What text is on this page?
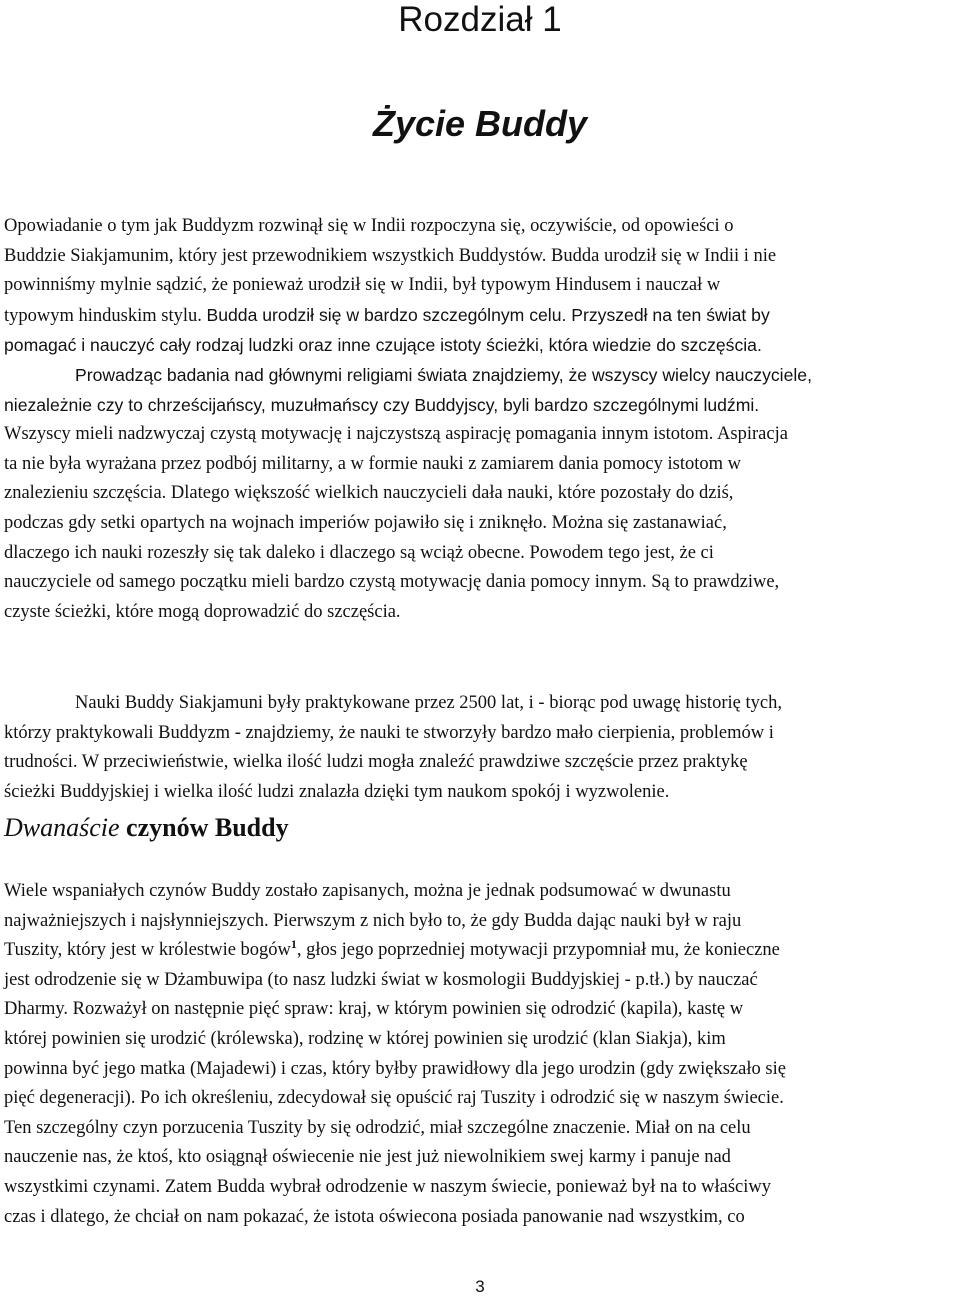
Rozdział 1
Życie Buddy

Opowiadanie o tym jak Buddyzm rozwinął się w Indii rozpoczyna się, oczywiście, od opowieści o
Buddzie Siakjamunim, który jest przewodnikiem wszystkich Buddystów. Budda urodził się w Indii i nie
powinniśmy mylnie sądzić, że ponieważ urodził się w Indii, był typowym Hindusem i nauczał w
typowym hinduskim stylu. Budda urodził się w bardzo szczególnym celu. Przyszedł na ten świat by
pomagać i nauczyć cały rodzaj ludzki oraz inne czujące istoty ścieżki, która wiedzie do szczęścia.
Prowadząc badania nad głównymi religiami świata znajdziemy, że wszyscy wielcy nauczyciele,
niezależnie czy to chrześcijańscy, muzułmańscy czy Buddyjscy, byli bardzo szczególnymi ludźmi.
Wszyscy mieli nadzwyczaj czystą motywację i najczystszą aspirację pomagania innym istotom. Aspiracja
ta nie była wyrażana przez podbój militarny, a w formie nauki z zamiarem dania pomocy istotom w
znalezieniu szczęścia. Dlatego większość wielkich nauczycieli dała nauki, które pozostały do dziś,
podczas gdy setki opartych na wojnach imperiów pojawiło się i zniknęło. Można się zastanawiać,
dlaczego ich nauki rozeszły się tak daleko i dlaczego są wciąż obecne. Powodem tego jest, że ci
nauczyciele od samego początku mieli bardzo czystą motywację dania pomocy innym. Są to prawdziwe,
czyste ścieżki, które mogą doprowadzić do szczęścia.

Nauki Buddy Siakjamuni były praktykowane przez 2500 lat, i - biorąc pod uwagę historię tych,
którzy praktykowali Buddyzm - znajdziemy, że nauki te stworzyły bardzo mało cierpienia, problemów i
trudności. W przeciwieństwie, wielka ilość ludzi mogła znaleźć prawdziwe szczęście przez praktykę
ścieżki Buddyjskiej i wielka ilość ludzi znalazła dzięki tym naukom spokój i wyzwolenie.

Dwanaście czynów Buddy

Wiele wspaniałych czynów Buddy zostało zapisanych, można je jednak podsumować w dwunastu
najważniejszych i najsłynniejszych. Pierwszym z nich było to, że gdy Budda dając nauki był w raju
Tuszity, który jest w królestwie bogów$^1$, głos jego poprzedniej motywacji przypomniał mu, że konieczne
jest odrodzenie się w Dżambuwipa (to nasz ludzki świat w kosmologii Buddyjskiej - p.tł.) by nauczać
Dharmy. Rozważył on następnie pięć spraw: kraj, w którym powinien się odrodzić (kapila), kastę w
której powinien się urodzić (królewska), rodzinę w której powinien się urodzić (klan Siakja), kim
powinna być jego matka (Majadewi) i czas, który byłby prawidłowy dla jego urodzin (gdy zwiększało się
pięć degeneracji). Po ich określeniu, zdecydował się opuścić raj Tuszity i odrodzić się w naszym świecie.
Ten szczególny czyn porzucenia Tuszity by się odrodzić, miał szczególne znaczenie. Miał on na celu
nauczenie nas, że ktoś, kto osiągnął oświecenie nie jest już niewolnikiem swej karmy i panuje nad
wszystkimi czynami. Zatem Budda wybrał odrodzenie w naszym świecie, ponieważ był na to właściwy
czas i dlatego, że chciał on nam pokazać, że istota oświecona posiada panowanie nad wszystkim, co

3
